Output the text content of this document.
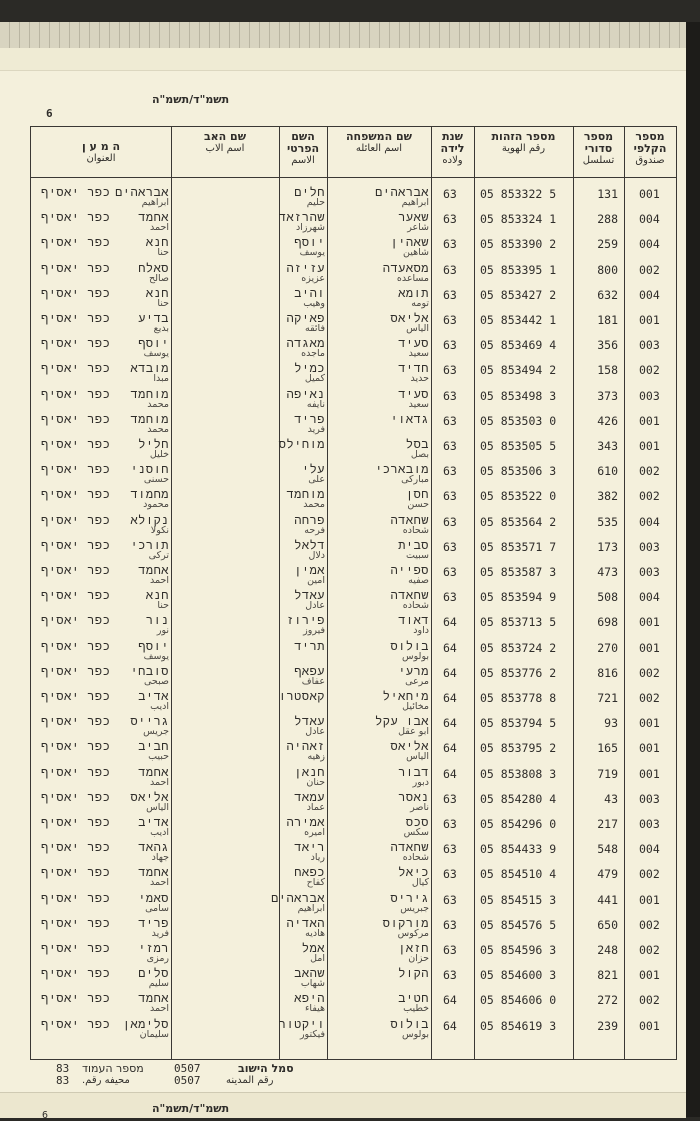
תשמ"ד/תשמ"ה
6
מספר הקלפי
صندوق
מספר סדורי
تسلسل
מספר הזהות
رقم الهوية
שנת לידה
ولاده
שם המשפחה
اسم العائله
השם הפרטי
الاسم
שם האב
اسم الاب
ה מ ע ן
العنوان
001
131
05 853322 5
63
אבראהים
ابراهيم
חלים
حليم
אבראהים
ابراهيم
כפר יאסיף
004
288
05 853324 1
63
שאער
شاعر
שהרזאד
شهرزاد
אחמד
احمد
כפר יאסיף
004
259
05 853390 2
63
שאהין
شاهين
יוסף
يوسف
חנא
حنا
כפר יאסיף
002
800
05 853395 1
63
מסאעדה
مساعده
עזיזה
عزيزه
סאלח
صالح
כפר יאסיף
004
632
05 853427 2
63
תומא
تومه
והיב
وهيب
חנא
حنا
כפר יאסיף
001
181
05 853442 1
63
אליאס
الياس
פאיקה
فائقه
בדיע
بديع
כפר יאסיף
003
356
05 853469 4
63
סעיד
سعيد
מאגדה
ماجده
יוסף
يوسف
כפר יאסיף
002
158
05 853494 2
63
חדיד
حديد
כמיל
كميل
מובדא
مبدا
כפר יאסיף
003
373
05 853498 3
63
סעיד
سعيد
נאיפה
نايفه
מוחמד
محمد
כפר יאסיף
001
426
05 853503 0
63
גדאוי
פריד
فريد
מוחמד
محمد
כפר יאסיף
001
343
05 853505 5
63
בסל
بصل
מוחילס
חליל
خليل
כפר יאסיף
002
610
05 853506 3
63
מובארכי
مباركى
עלי
على
חוסני
حسنى
כפר יאסיף
002
382
05 853522 0
63
חסן
حسن
מוחמד
محمد
מחמוד
محمود
כפר יאסיף
004
535
05 853564 2
63
שחאדה
شحاده
פרחה
فرحه
נקולא
نكولا
כפר יאסיף
003
173
05 853571 7
63
סבית
سبيت
דלאל
دلال
תורכי
تركى
כפר יאסיף
003
473
05 853587 3
63
ספייה
صفيه
אמין
امين
אחמד
احمد
כפר יאסיף
004
508
05 853594 9
63
שחאדה
شحاده
עאדל
عادل
חנא
حنا
כפר יאסיף
001
698
05 853713 5
64
דאוד
داود
פירוז
فيروز
נור
نور
כפר יאסיף
001
270
05 853724 2
64
בולוס
بولوس
תריד
יוסף
يوسف
כפר יאסיף
002
816
05 853776 2
64
מרעי
مرعى
עפאף
عفاف
סובחי
صبحى
כפר יאסיף
002
721
05 853778 8
64
מיחאיל
مخائيل
קאסטרו
אדיב
اديب
כפר יאסיף
001
93
05 853794 5
64
אבו עקל
ابو عقل
עאדל
عادل
גרייס
جريس
כפר יאסיף
001
165
05 853795 2
64
אליאס
الياس
זאהיה
زهيه
חביב
حبيب
כפר יאסיף
001
719
05 853808 3
64
דבור
دبور
חנאן
حنان
אחמד
احمد
כפר יאסיף
003
43
05 854280 4
63
נאסר
ناصر
עמאד
عماد
אליאס
الياس
כפר יאסיף
003
217
05 854296 0
63
סכס
سكس
אמירה
اميره
אדיב
اديب
כפר יאסיף
004
548
05 854433 9
63
שחאדה
شحاده
ריאד
رياد
גהאד
جهاد
כפר יאסיף
002
479
05 854510 4
63
כיאל
كيال
כפאח
كفاح
אחמד
احمد
כפר יאסיף
001
441
05 854515 3
63
גיריס
جبريس
אבראהים
ابراهيم
סאמי
سامى
כפר יאסיף
002
650
05 854576 5
63
מורקוס
مركوس
האדיה
هاديه
פריד
فريد
כפר יאסיף
002
248
05 854596 3
63
חזאן
حزان
אמל
امل
רמזי
رمزى
כפר יאסיף
001
821
05 854600 3
63
הקול
שהאב
شهاب
סלים
سليم
כפר יאסיף
002
272
05 854606 0
64
חטיב
خطيب
היפא
هيفاء
אחמד
احمد
כפר יאסיף
001
239
05 854619 3
64
בולוס
بولوس
ויקטור
فيكتور
סלימאן
سليمان
כפר יאסיף
סמל הישוב
رقم المدينه
0507
0507
מספר העמוד
محيفه رقم.
83
83
תשמ"ד/תשמ"ה
6
